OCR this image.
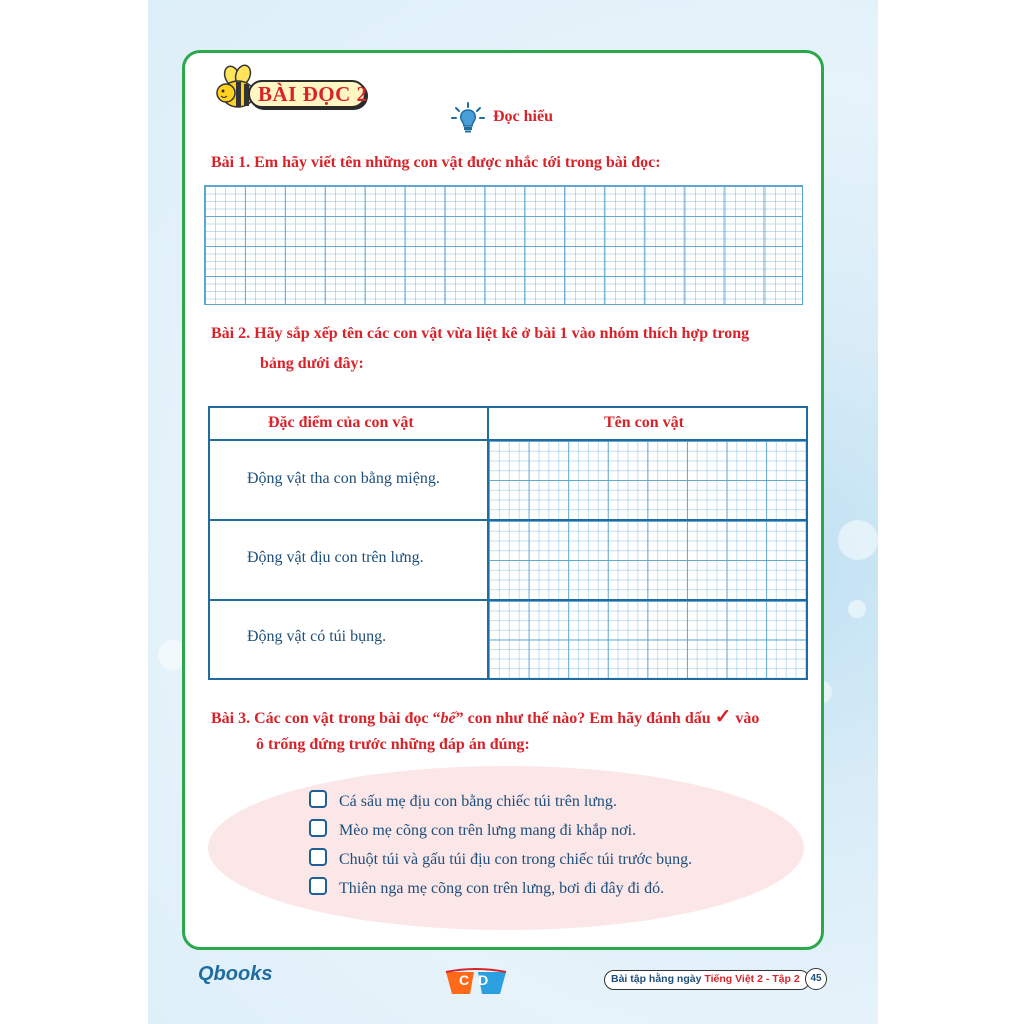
BÀI ĐỌC 2
Đọc hiểu
Bài 1. Em hãy viết tên những con vật được nhắc tới trong bài đọc:
Bài 2. Hãy sắp xếp tên các con vật vừa liệt kê ở bài 1 vào nhóm thích hợp trong
bảng dưới đây:
Đặc điểm của con vật	Tên con vật
Động vật tha con bằng miệng.
Động vật địu con trên lưng.
Động vật có túi bụng.
Bài 3. Các con vật trong bài đọc “bế” con như thế nào? Em hãy đánh dấu ✓ vào
ô trống đứng trước những đáp án đúng:
Cá sấu mẹ địu con bằng chiếc túi trên lưng.
Mèo mẹ cõng con trên lưng mang đi khắp nơi.
Chuột túi và gấu túi địu con trong chiếc túi trước bụng.
Thiên nga mẹ cõng con trên lưng, bơi đi đây đi đó.
Qbooks	CD	Bài tập hằng ngày Tiếng Việt 2 - Tập 2	45
